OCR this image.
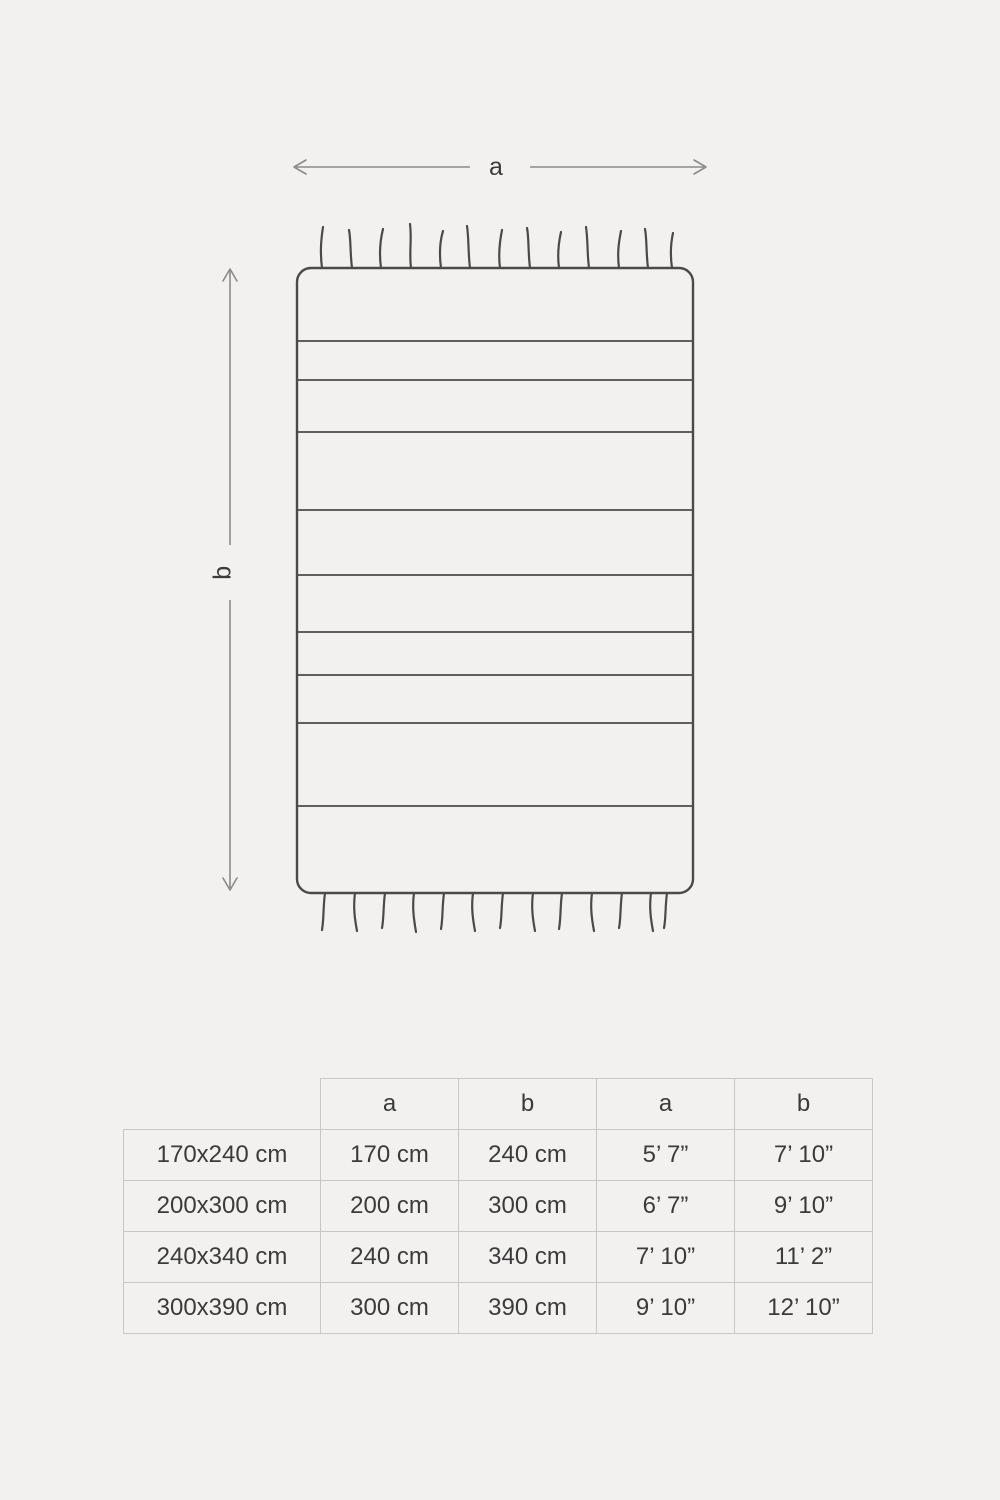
a
b
	a	b	a	b
170x240 cm	170 cm	240 cm	5’ 7”	7’ 10”
200x300 cm	200 cm	300 cm	6’ 7”	9’ 10”
240x340 cm	240 cm	340 cm	7’ 10”	11’ 2”
300x390 cm	300 cm	390 cm	9’ 10”	12’ 10”
